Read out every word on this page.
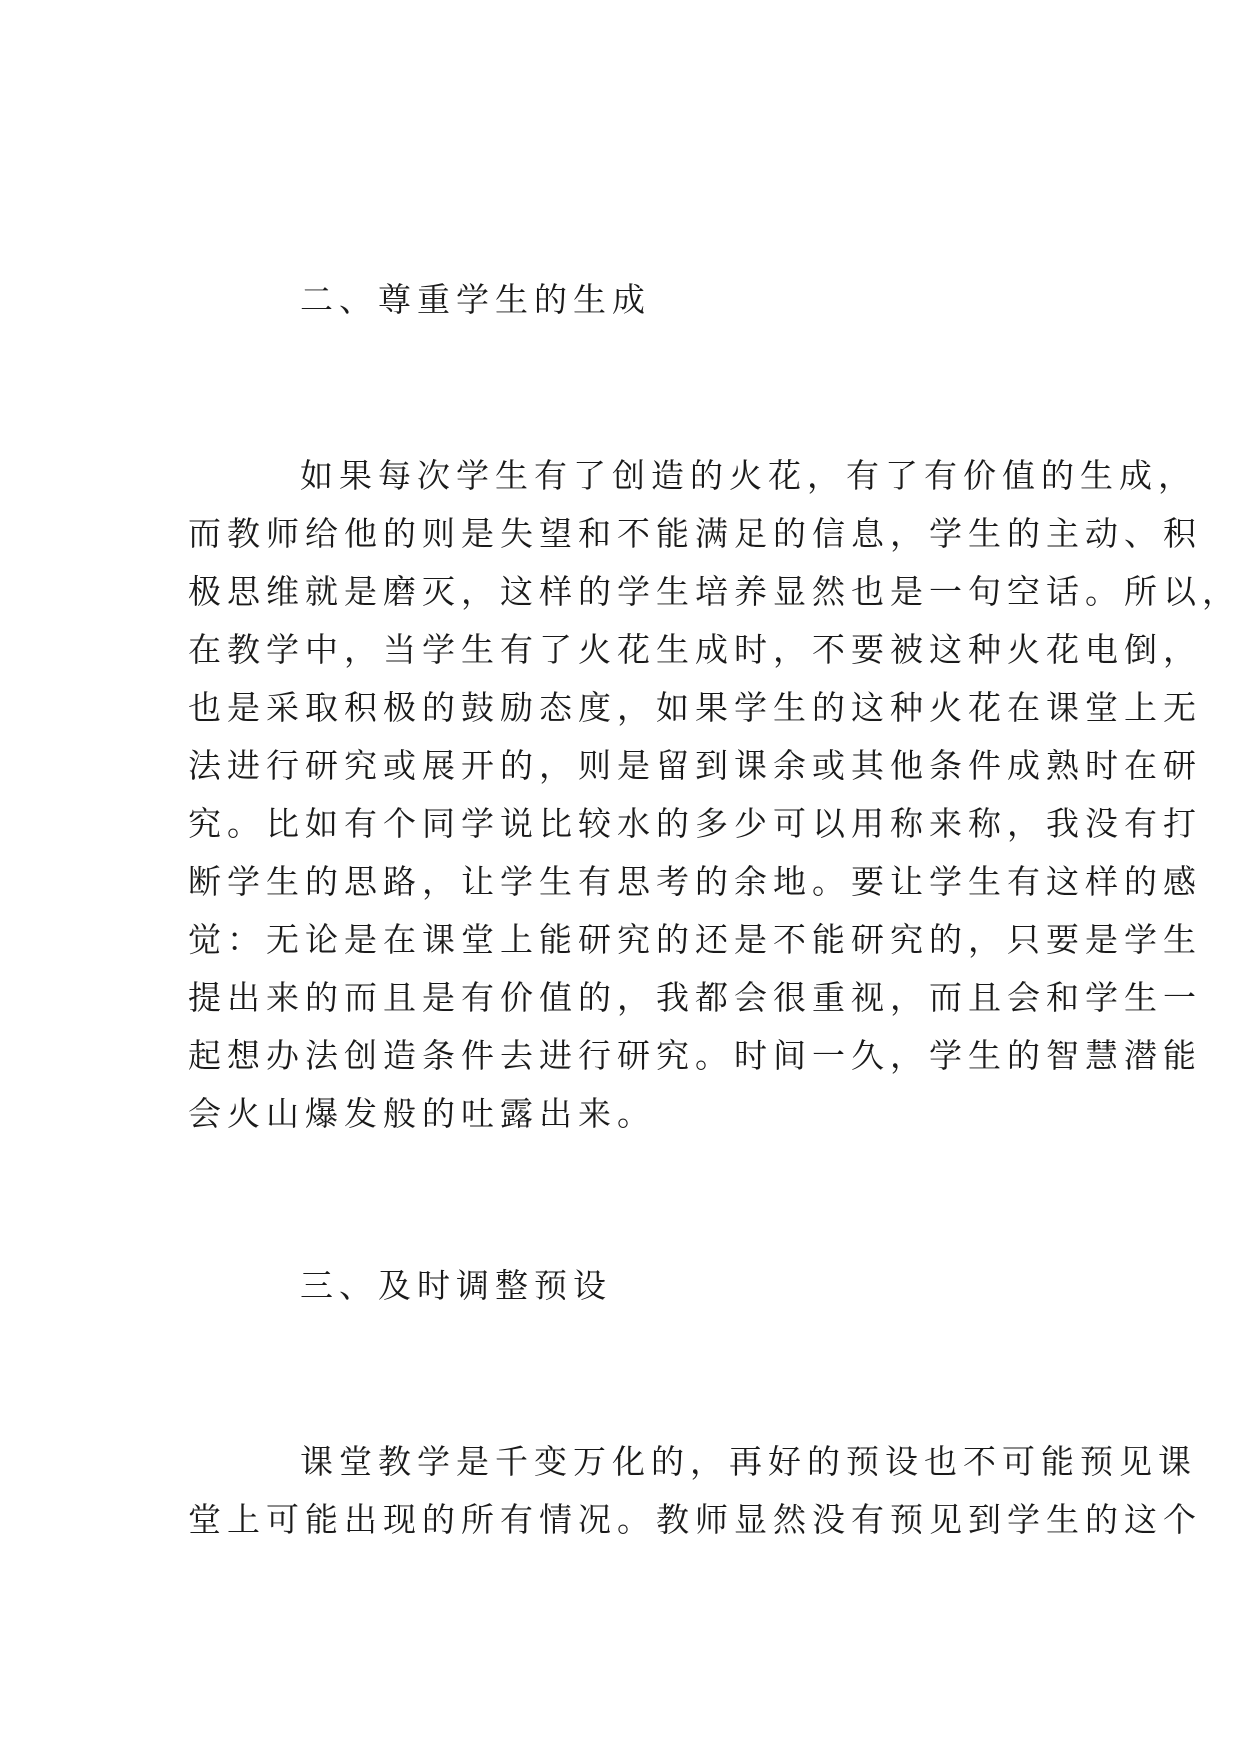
二、尊重学生的生成
如果每次学生有了创造的火花，有了有价值的生成，
而教师给他的则是失望和不能满足的信息，学生的主动、积
极思维就是磨灭，这样的学生培养显然也是一句空话。所以，
在教学中，当学生有了火花生成时，不要被这种火花电倒，
也是采取积极的鼓励态度，如果学生的这种火花在课堂上无
法进行研究或展开的，则是留到课余或其他条件成熟时在研
究。比如有个同学说比较水的多少可以用称来称，我没有打
断学生的思路，让学生有思考的余地。要让学生有这样的感
觉：无论是在课堂上能研究的还是不能研究的，只要是学生
提出来的而且是有价值的，我都会很重视，而且会和学生一
起想办法创造条件去进行研究。时间一久，学生的智慧潜能
会火山爆发般的吐露出来。
三、及时调整预设
课堂教学是千变万化的，再好的预设也不可能预见课
堂上可能出现的所有情况。教师显然没有预见到学生的这个
